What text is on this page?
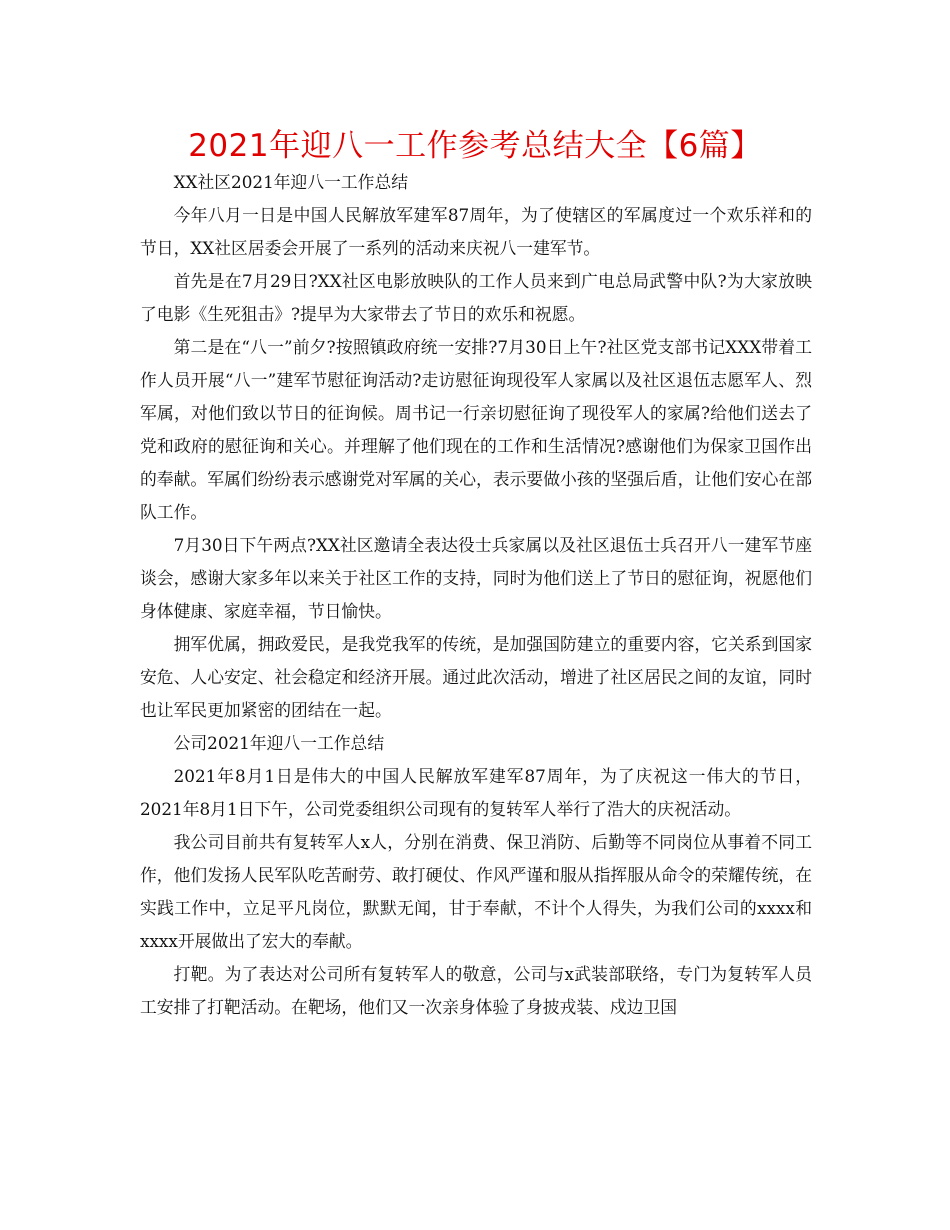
2021年迎八一工作参考总结大全【6篇】

XX社区2021年迎八一工作总结

今年八月一日是中国人民解放军建军87周年，为了使辖区的军属度过一个欢乐祥和的节日，XX社区居委会开展了一系列的活动来庆祝八一建军节。

首先是在7月29日?XX社区电影放映队的工作人员来到广电总局武警中队?为大家放映了电影《生死狙击》?提早为大家带去了节日的欢乐和祝愿。

第二是在“八一”前夕?按照镇政府统一安排?7月30日上午?社区党支部书记XXX带着工作人员开展“八一”建军节慰征询活动?走访慰征询现役军人家属以及社区退伍志愿军人、烈军属，对他们致以节日的征询候。周书记一行亲切慰征询了现役军人的家属?给他们送去了党和政府的慰征询和关心。并理解了他们现在的工作和生活情况?感谢他们为保家卫国作出的奉献。军属们纷纷表示感谢党对军属的关心，表示要做小孩的坚强后盾，让他们安心在部队工作。

7月30日下午两点?XX社区邀请全表达役士兵家属以及社区退伍士兵召开八一建军节座谈会，感谢大家多年以来关于社区工作的支持，同时为他们送上了节日的慰征询，祝愿他们身体健康、家庭幸福，节日愉快。

拥军优属，拥政爱民，是我党我军的传统，是加强国防建立的重要内容，它关系到国家安危、人心安定、社会稳定和经济开展。通过此次活动，增进了社区居民之间的友谊，同时也让军民更加紧密的团结在一起。

公司2021年迎八一工作总结

2021年8月1日是伟大的中国人民解放军建军87周年，为了庆祝这一伟大的节日，2021年8月1日下午，公司党委组织公司现有的复转军人举行了浩大的庆祝活动。

我公司目前共有复转军人x人，分别在消费、保卫消防、后勤等不同岗位从事着不同工作，他们发扬人民军队吃苦耐劳、敢打硬仗、作风严谨和服从指挥服从命令的荣耀传统，在实践工作中，立足平凡岗位，默默无闻，甘于奉献，不计个人得失，为我们公司的xxxx和xxxx开展做出了宏大的奉献。

打靶。为了表达对公司所有复转军人的敬意，公司与x武装部联络，专门为复转军人员工安排了打靶活动。在靶场，他们又一次亲身体验了身披戎装、戍边卫国
